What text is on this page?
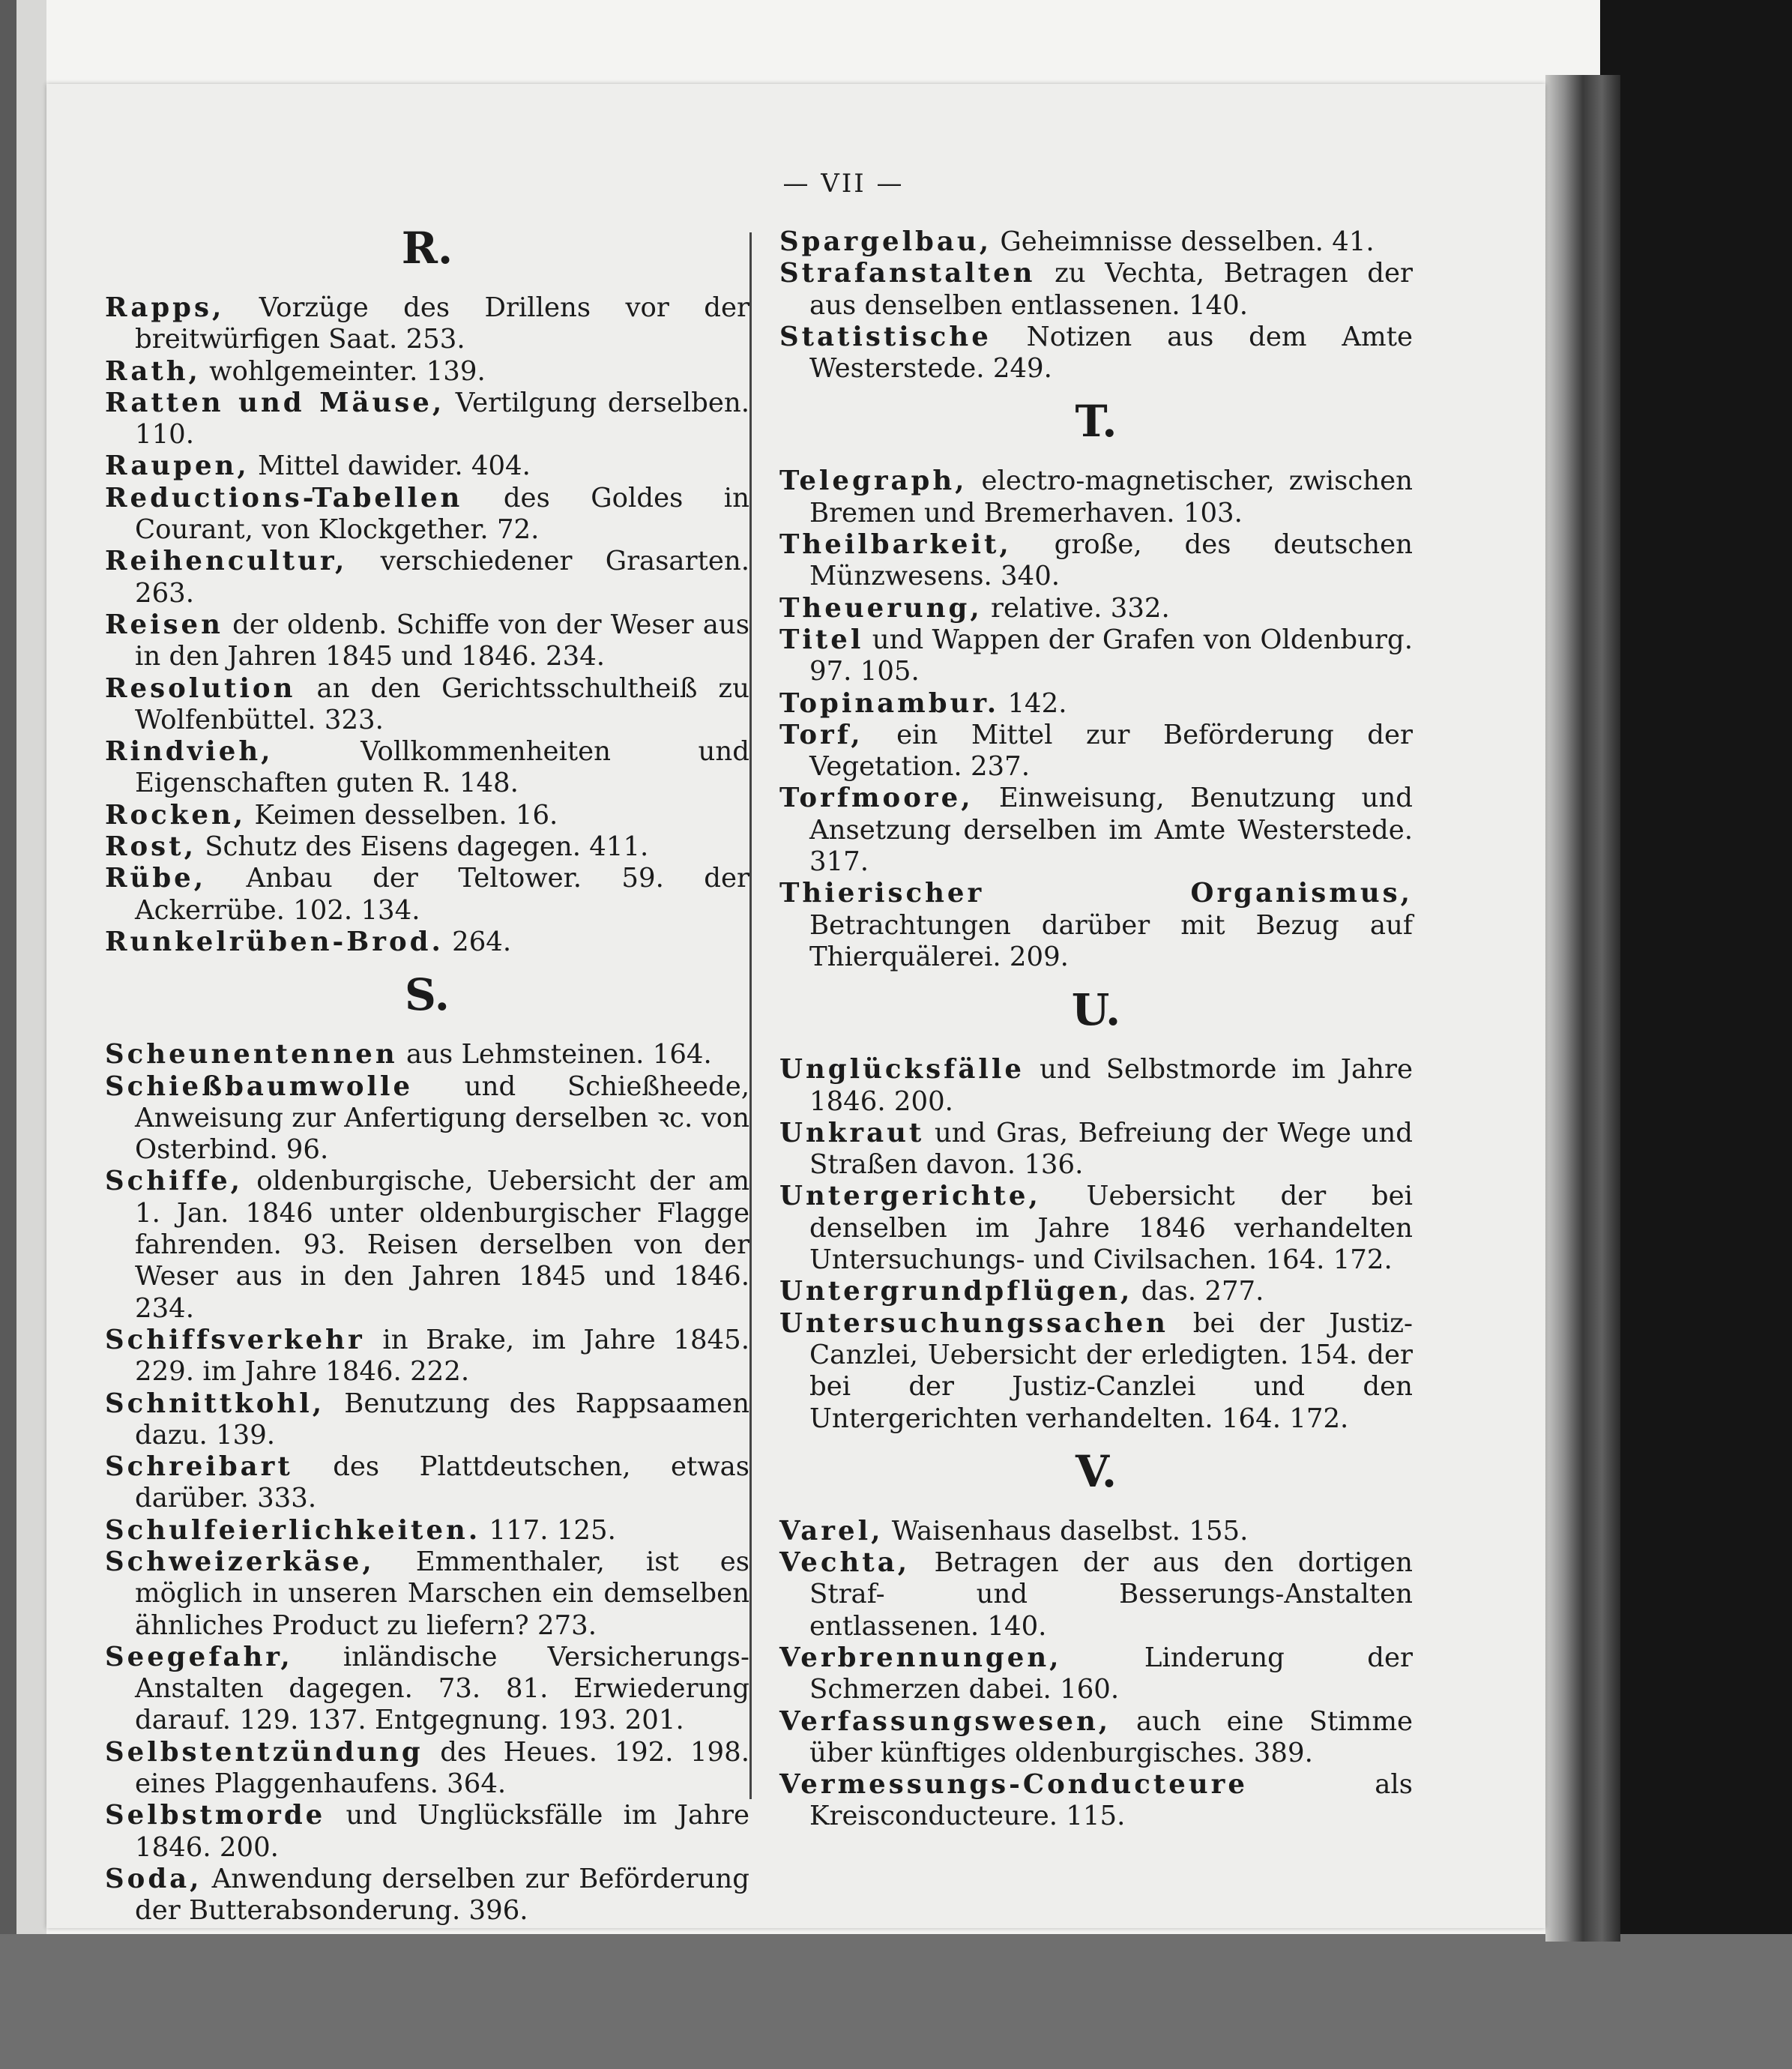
— VII —
R.

Rapps, Vorzüge des Drillens vor der breitwürfigen Saat. 253.

Rath, wohlgemeinter. 139.

Ratten und Mäuse, Vertilgung derselben. 110.

Raupen, Mittel dawider. 404.

Reductions-Tabellen des Goldes in Courant, von Klockgether. 72.

Reihencultur, verschiedener Grasarten. 263.

Reisen der oldenb. Schiffe von der Weser aus in den Jahren 1845 und 1846. 234.

Resolution an den Gerichtsschultheiß zu Wolfenbüttel. 323.

Rindvieh, Vollkommenheiten und Eigenschaften guten R. 148.

Rocken, Keimen desselben. 16.

Rost, Schutz des Eisens dagegen. 411.

Rübe, Anbau der Teltower. 59. der Ackerrübe. 102. 134.

Runkelrüben-Brod. 264.

S.

Scheunentennen aus Lehmsteinen. 164.

Schießbaumwolle und Schießheede, Anweisung zur Anfertigung derselben ꝛc. von Osterbind. 96.

Schiffe, oldenburgische, Uebersicht der am 1. Jan. 1846 unter oldenburgischer Flagge fahrenden. 93. Reisen derselben von der Weser aus in den Jahren 1845 und 1846. 234.

Schiffsverkehr in Brake, im Jahre 1845. 229. im Jahre 1846. 222.

Schnittkohl, Benutzung des Rappsaamen dazu. 139.

Schreibart des Plattdeutschen, etwas darüber. 333.

Schulfeierlichkeiten. 117. 125.

Schweizerkäse, Emmenthaler, ist es möglich in unseren Marschen ein demselben ähnliches Product zu liefern? 273.

Seegefahr, inländische Versicherungs-Anstalten dagegen. 73. 81. Erwiederung darauf. 129. 137. Entgegnung. 193. 201.

Selbstentzündung des Heues. 192. 198. eines Plaggenhaufens. 364.

Selbstmorde und Unglücksfälle im Jahre 1846. 200.

Soda, Anwendung derselben zur Beförderung der Butterabsonderung. 396.

Spargelbau, Geheimnisse desselben. 41.

Strafanstalten zu Vechta, Betragen der aus denselben entlassenen. 140.

Statistische Notizen aus dem Amte Westerstede. 249.

T.

Telegraph, electro-magnetischer, zwischen Bremen und Bremerhaven. 103.

Theilbarkeit, große, des deutschen Münzwesens. 340.

Theuerung, relative. 332.

Titel und Wappen der Grafen von Oldenburg. 97. 105.

Topinambur. 142.

Torf, ein Mittel zur Beförderung der Vegetation. 237.

Torfmoore, Einweisung, Benutzung und Ansetzung derselben im Amte Westerstede. 317.

Thierischer Organismus, Betrachtungen darüber mit Bezug auf Thierquälerei. 209.

U.

Unglücksfälle und Selbstmorde im Jahre 1846. 200.

Unkraut und Gras, Befreiung der Wege und Straßen davon. 136.

Untergerichte, Uebersicht der bei denselben im Jahre 1846 verhandelten Untersuchungs- und Civilsachen. 164. 172.

Untergrundpflügen, das. 277.

Untersuchungssachen bei der Justiz-Canzlei, Uebersicht der erledigten. 154. der bei der Justiz-Canzlei und den Untergerichten verhandelten. 164. 172.

V.

Varel, Waisenhaus daselbst. 155.

Vechta, Betragen der aus den dortigen Straf- und Besserungs-Anstalten entlassenen. 140.

Verbrennungen, Linderung der Schmerzen dabei. 160.

Verfassungswesen, auch eine Stimme über künftiges oldenburgisches. 389.

Vermessungs-Conducteure als Kreisconducteure. 115.
